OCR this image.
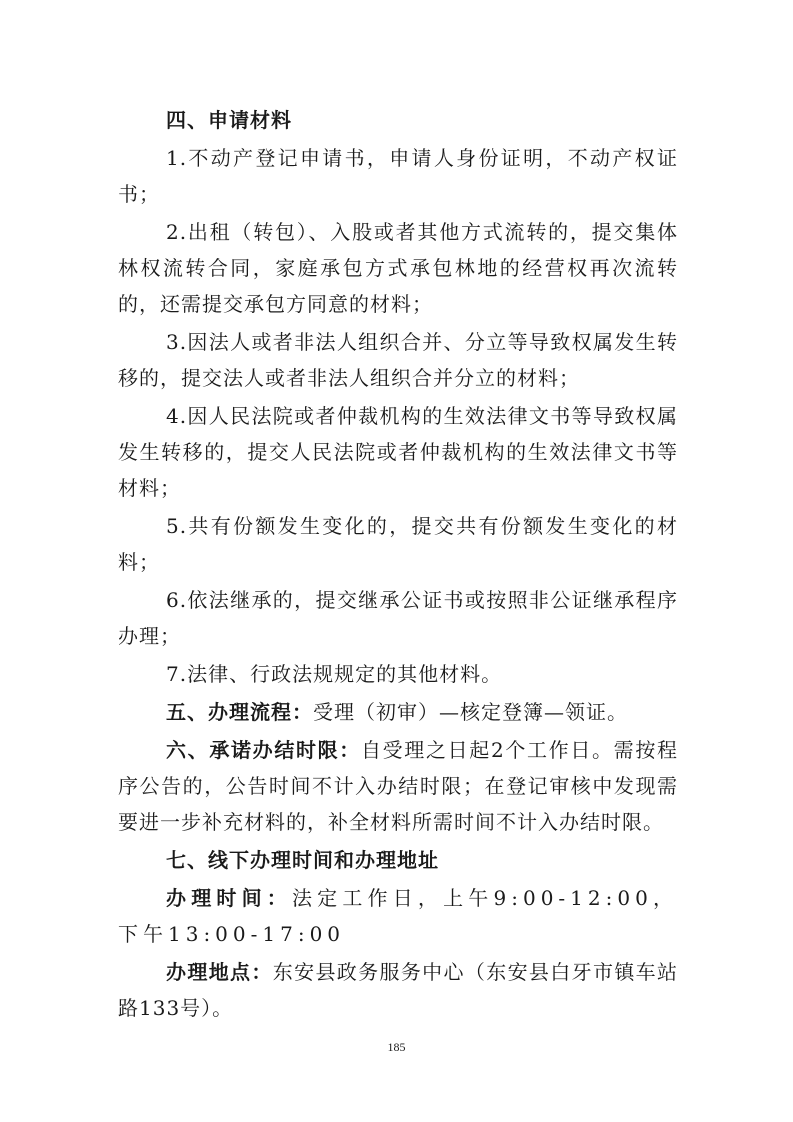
四、申请材料

1.不动产登记申请书，申请人身份证明，不动产权证书；

2.出租（转包）、入股或者其他方式流转的，提交集体林权流转合同，家庭承包方式承包林地的经营权再次流转的，还需提交承包方同意的材料；

3.因法人或者非法人组织合并、分立等导致权属发生转移的，提交法人或者非法人组织合并分立的材料；

4.因人民法院或者仲裁机构的生效法律文书等导致权属发生转移的，提交人民法院或者仲裁机构的生效法律文书等材料；

5.共有份额发生变化的，提交共有份额发生变化的材料；

6.依法继承的，提交继承公证书或按照非公证继承程序办理；

7.法律、行政法规规定的其他材料。

五、办理流程：受理（初审）—核定登簿—领证。

六、承诺办结时限：自受理之日起2个工作日。需按程序公告的，公告时间不计入办结时限；在登记审核中发现需要进一步补充材料的，补全材料所需时间不计入办结时限。

七、线下办理时间和办理地址

办理时间：法定工作日，上午9:00-12:00，下午13:00-17:00

办理地点：东安县政务服务中心（东安县白牙市镇车站路133号）。

185
